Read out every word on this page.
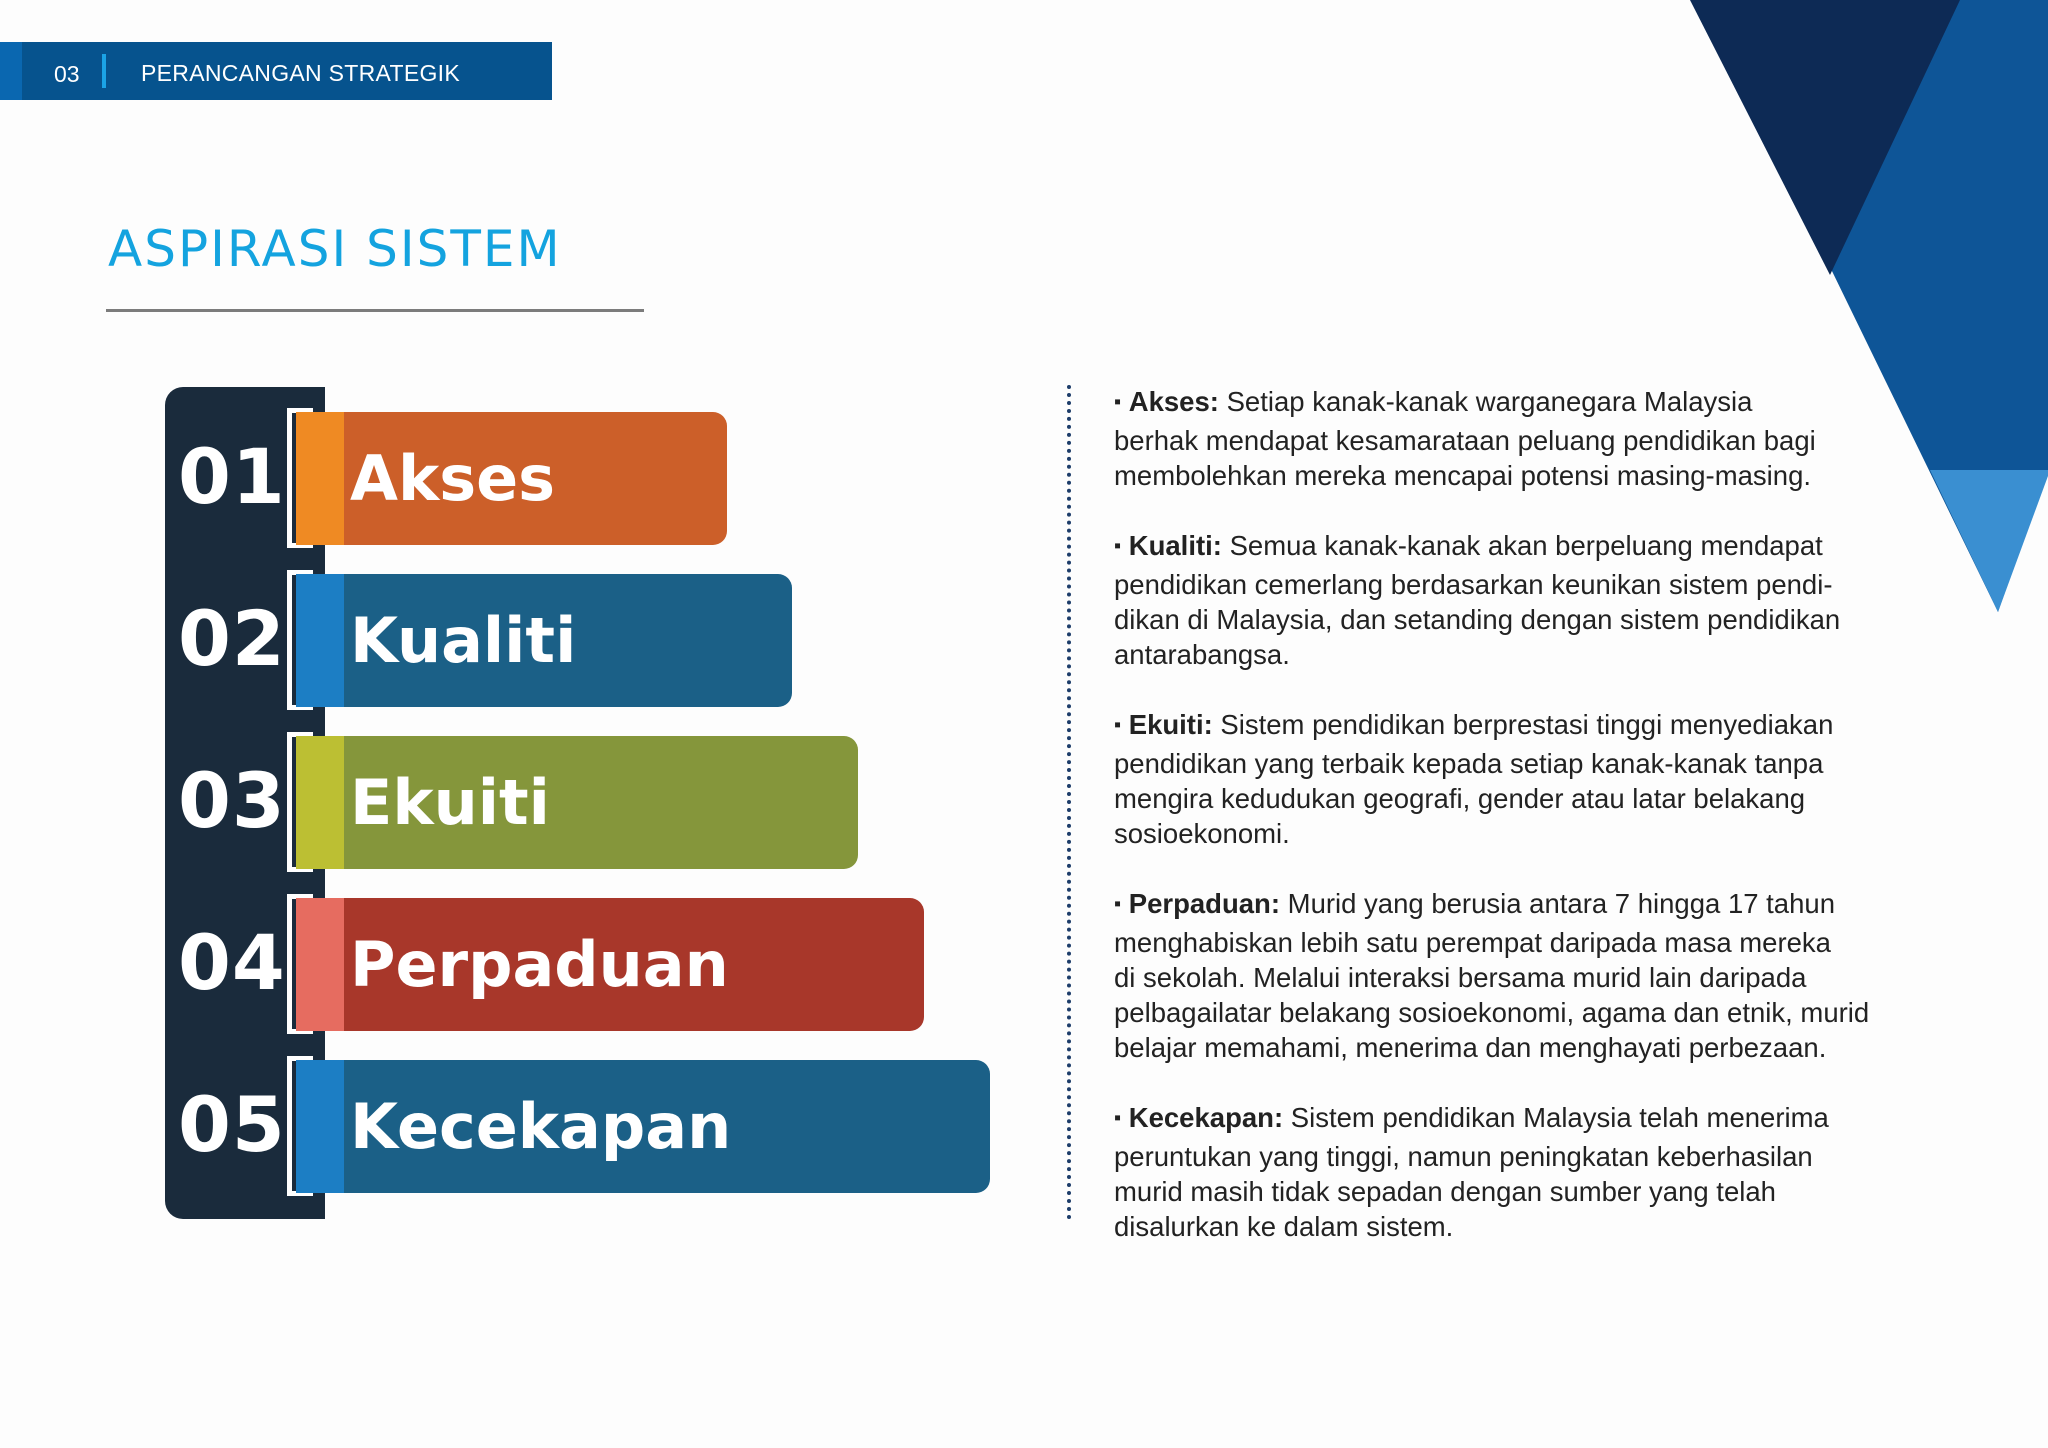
03	PERANCANGAN STRATEGIK
ASPIRASI SISTEM
01 Akses
02 Kualiti
03 Ekuiti
04 Perpaduan
05 Kecekapan

▪ Akses: Setiap kanak-kanak warganegara Malaysia
berhak mendapat kesamarataan peluang pendidikan bagi
membolehkan mereka mencapai potensi masing-masing.

▪ Kualiti: Semua kanak-kanak akan berpeluang mendapat
pendidikan cemerlang berdasarkan keunikan sistem pendi-
dikan di Malaysia, dan setanding dengan sistem pendidikan
antarabangsa.

▪ Ekuiti: Sistem pendidikan berprestasi tinggi menyediakan
pendidikan yang terbaik kepada setiap kanak-kanak tanpa
mengira kedudukan geografi, gender atau latar belakang
sosioekonomi.

▪ Perpaduan: Murid yang berusia antara 7 hingga 17 tahun
menghabiskan lebih satu perempat daripada masa mereka
di sekolah. Melalui interaksi bersama murid lain daripada
pelbagailatar belakang sosioekonomi, agama dan etnik, murid
belajar memahami, menerima dan menghayati perbezaan.

▪ Kecekapan: Sistem pendidikan Malaysia telah menerima
peruntukan yang tinggi, namun peningkatan keberhasilan
murid masih tidak sepadan dengan sumber yang telah
disalurkan ke dalam sistem.
